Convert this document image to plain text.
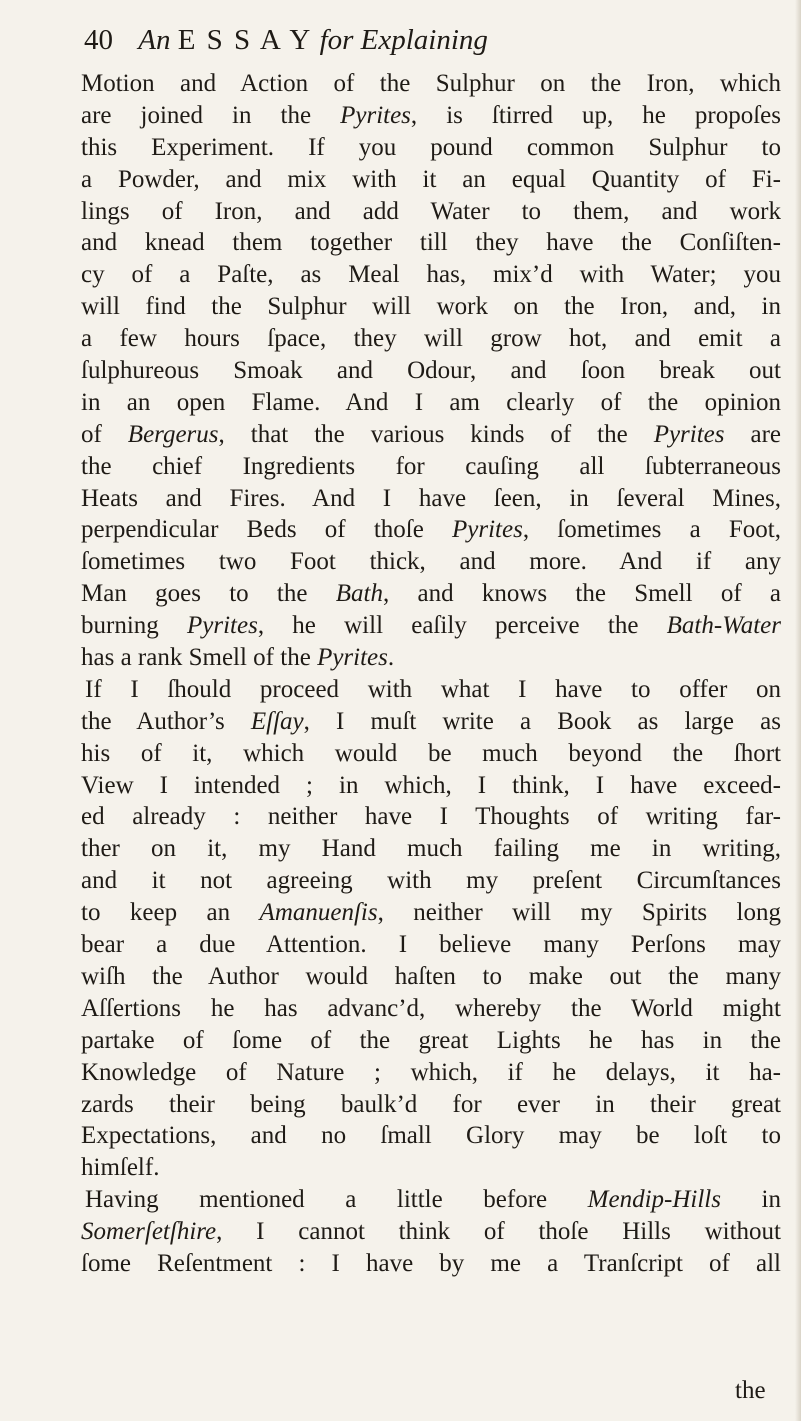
40 An E S S A Y for Explaining
Motion and Action of the Sulphur on the Iron, which
are joined in the Pyrites, is ſtirred up, he propoſes
this Experiment. If you pound common Sulphur to
a Powder, and mix with it an equal Quantity of Fi-
lings of Iron, and add Water to them, and work
and knead them together till they have the Conſiſten-
cy of a Paſte, as Meal has, mix’d with Water; you
will find the Sulphur will work on the Iron, and, in
a few hours ſpace, they will grow hot, and emit a
ſulphureous Smoak and Odour, and ſoon break out
in an open Flame. And I am clearly of the opinion
of Bergerus, that the various kinds of the Pyrites are
the chief Ingredients for cauſing all ſubterraneous
Heats and Fires. And I have ſeen, in ſeveral Mines,
perpendicular Beds of thoſe Pyrites, ſometimes a Foot,
ſometimes two Foot thick, and more. And if any
Man goes to the Bath, and knows the Smell of a
burning Pyrites, he will eaſily perceive the Bath-Water
has a rank Smell of the Pyrites.
If I ſhould proceed with what I have to offer on
the Author’s Eſſay, I muſt write a Book as large as
his of it, which would be much beyond the ſhort
View I intended ; in which, I think, I have exceed-
ed already : neither have I Thoughts of writing far-
ther on it, my Hand much failing me in writing,
and it not agreeing with my preſent Circumſtances
to keep an Amanuenſis, neither will my Spirits long
bear a due Attention. I believe many Perſons may
wiſh the Author would haſten to make out the many
Aſſertions he has advanc’d, whereby the World might
partake of ſome of the great Lights he has in the
Knowledge of Nature ; which, if he delays, it ha-
zards their being baulk’d for ever in their great
Expectations, and no ſmall Glory may be loſt to
himſelf.
Having mentioned a little before Mendip-Hills in
Somerſetſhire, I cannot think of thoſe Hills without
ſome Reſentment : I have by me a Tranſcript of all
the
